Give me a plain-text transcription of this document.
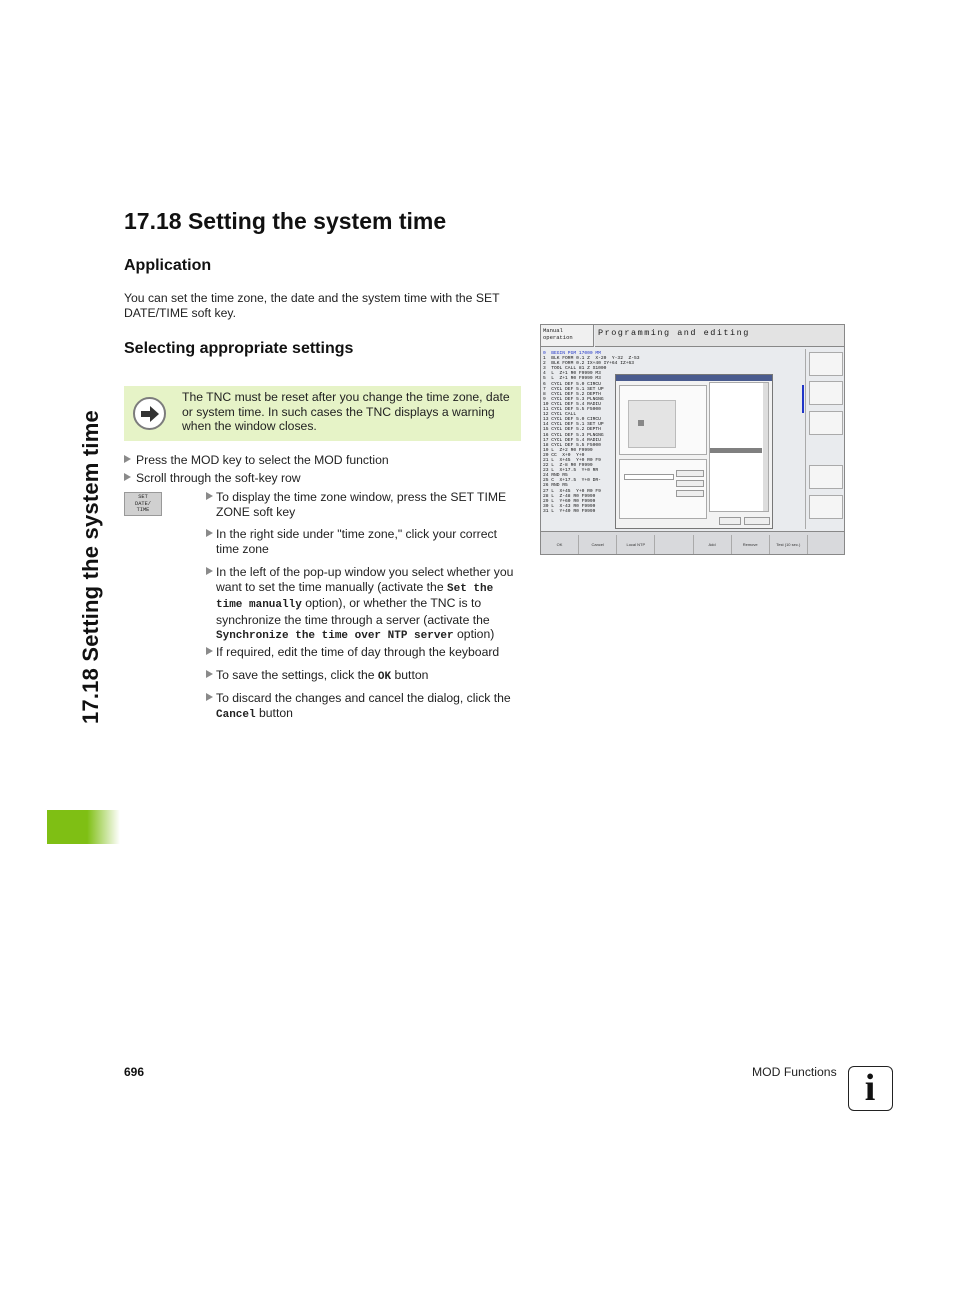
17.18 Setting the system time
17.18 Setting the system time
Application
You can set the time zone, the date and the system time with the SET DATE/TIME soft key.
Selecting appropriate settings
The TNC must be reset after you change the time zone, date or system time. In such cases the TNC displays a warning when the window closes.
Press the MOD key to select the MOD function
Scroll through the soft-key row
SET
DATE/
TIME
To display the time zone window, press the SET TIME ZONE soft key
In the right side under "time zone," click your correct time zone
In the left of the pop-up window you select whether you want to set the time manually (activate the Set the time manually option), or whether the TNC is to synchronize the time through a server (activate the Synchronize the time over NTP server option)
If required, edit the time of day through the keyboard
To save the settings, click the OK button
To discard the changes and cancel the dialog, click the Cancel button
Manual
operation	Programming and editing
0  BEGIN PGM 17000 MM
1  BLK FORM 0.1 Z  X-20  Y-32  Z-53
2  BLK FORM 0.2 IX+40 IY+64 IZ+63
3  TOOL CALL 81 Z S1000
4  L  Z+1 R0 F9999 M3
5  L  Z+1 R0 F9999 M3
6  CYCL DEF 5.0 CIRCU
7  CYCL DEF 5.1 SET UP
8  CYCL DEF 5.2 DEPTH
9  CYCL DEF 5.3 PLNGNG
10 CYCL DEF 5.4 RADIU
11 CYCL DEF 5.5 F5000
12 CYCL CALL
13 CYCL DEF 5.0 CIRCU
14 CYCL DEF 5.1 SET UP
15 CYCL DEF 5.2 DEPTH
16 CYCL DEF 5.3 PLNGNG
17 CYCL DEF 5.4 RADIU
18 CYCL DEF 5.5 F5000
19 L  Z+2 R0 F9999
20 CC  X+0  Y+0
21 L  X+45  Y+0 R0 F9
22 L  Z-8 R0 F9999
23 L  X+17.5  Y+0 RR
24 RND R5
25 C  X+17.5  Y+0 DR-
26 RND R5
27 L  X+45  Y+0 R0 F9
28 L  Z-48 R0 F9999
29 L  Y+60 R0 F9999
30 L  X-43 R0 F9999
31 L  Y+40 R0 F9999
OK	Cancel	Local NTP	Add	Remove	Test (10 sec.)
696	MOD Functions i
